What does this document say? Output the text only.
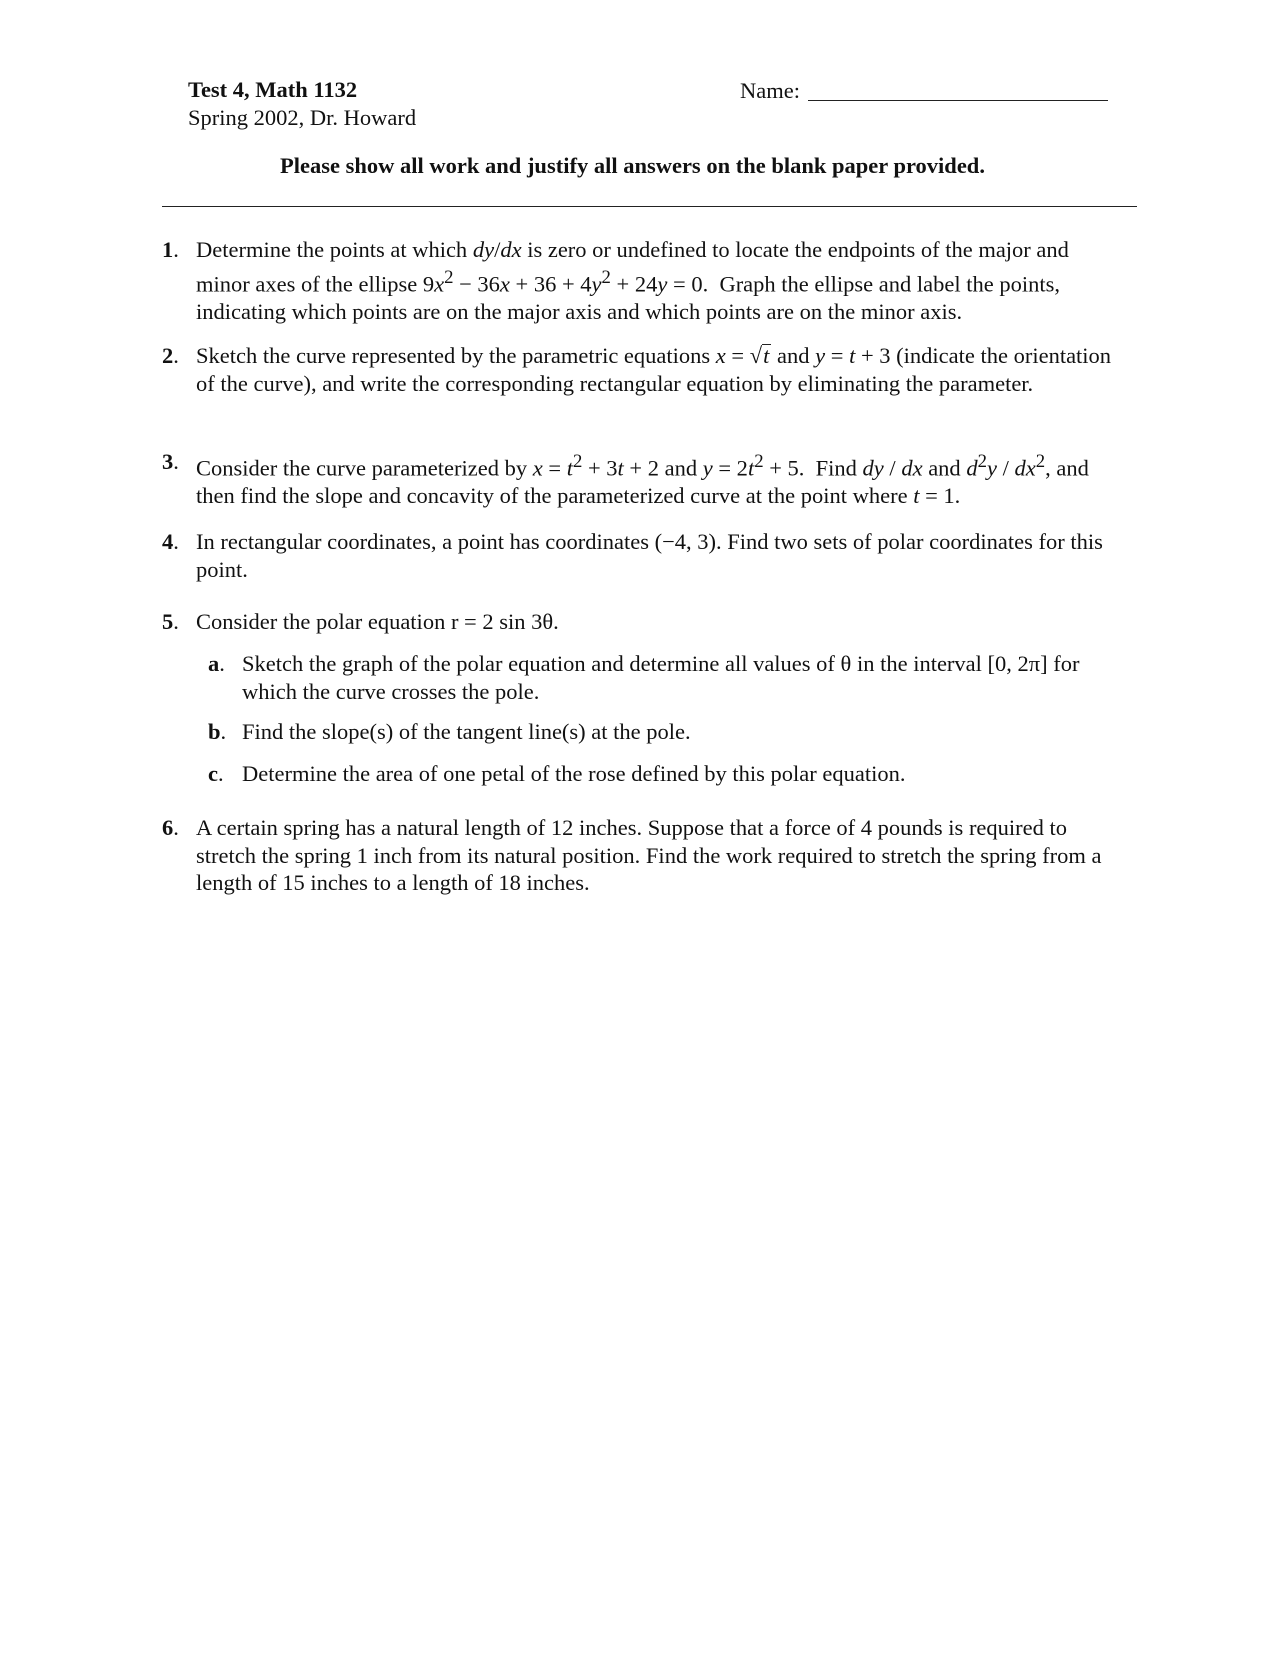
Test 4, Math 1132
Spring 2002, Dr. Howard
Name:
Please show all work and justify all answers on the blank paper provided.
1. Determine the points at which dy/dx is zero or undefined to locate the endpoints of the major and minor axes of the ellipse $9x^2 - 36x + 36 + 4y^2 + 24y = 0$.  Graph the ellipse and label the points, indicating which points are on the major axis and which points are on the minor axis.
2. Sketch the curve represented by the parametric equations x = √t and y = t + 3 (indicate the orientation of the curve), and write the corresponding rectangular equation by eliminating the parameter.
3. Consider the curve parameterized by $x = t^2 + 3t + 2$ and $y = 2t^2 + 5$.  Find dy / dx and $d^2y / dx^2$, and then find the slope and concavity of the parameterized curve at the point where t = 1.
4. In rectangular coordinates, a point has coordinates (−4, 3). Find two sets of polar coordinates for this point.
5. Consider the polar equation r = 2 sin 3θ.
a. Sketch the graph of the polar equation and determine all values of θ in the interval [0, 2π] for which the curve crosses the pole.
b. Find the slope(s) of the tangent line(s) at the pole.
c. Determine the area of one petal of the rose defined by this polar equation.
6. A certain spring has a natural length of 12 inches. Suppose that a force of 4 pounds is required to stretch the spring 1 inch from its natural position. Find the work required to stretch the spring from a length of 15 inches to a length of 18 inches.
